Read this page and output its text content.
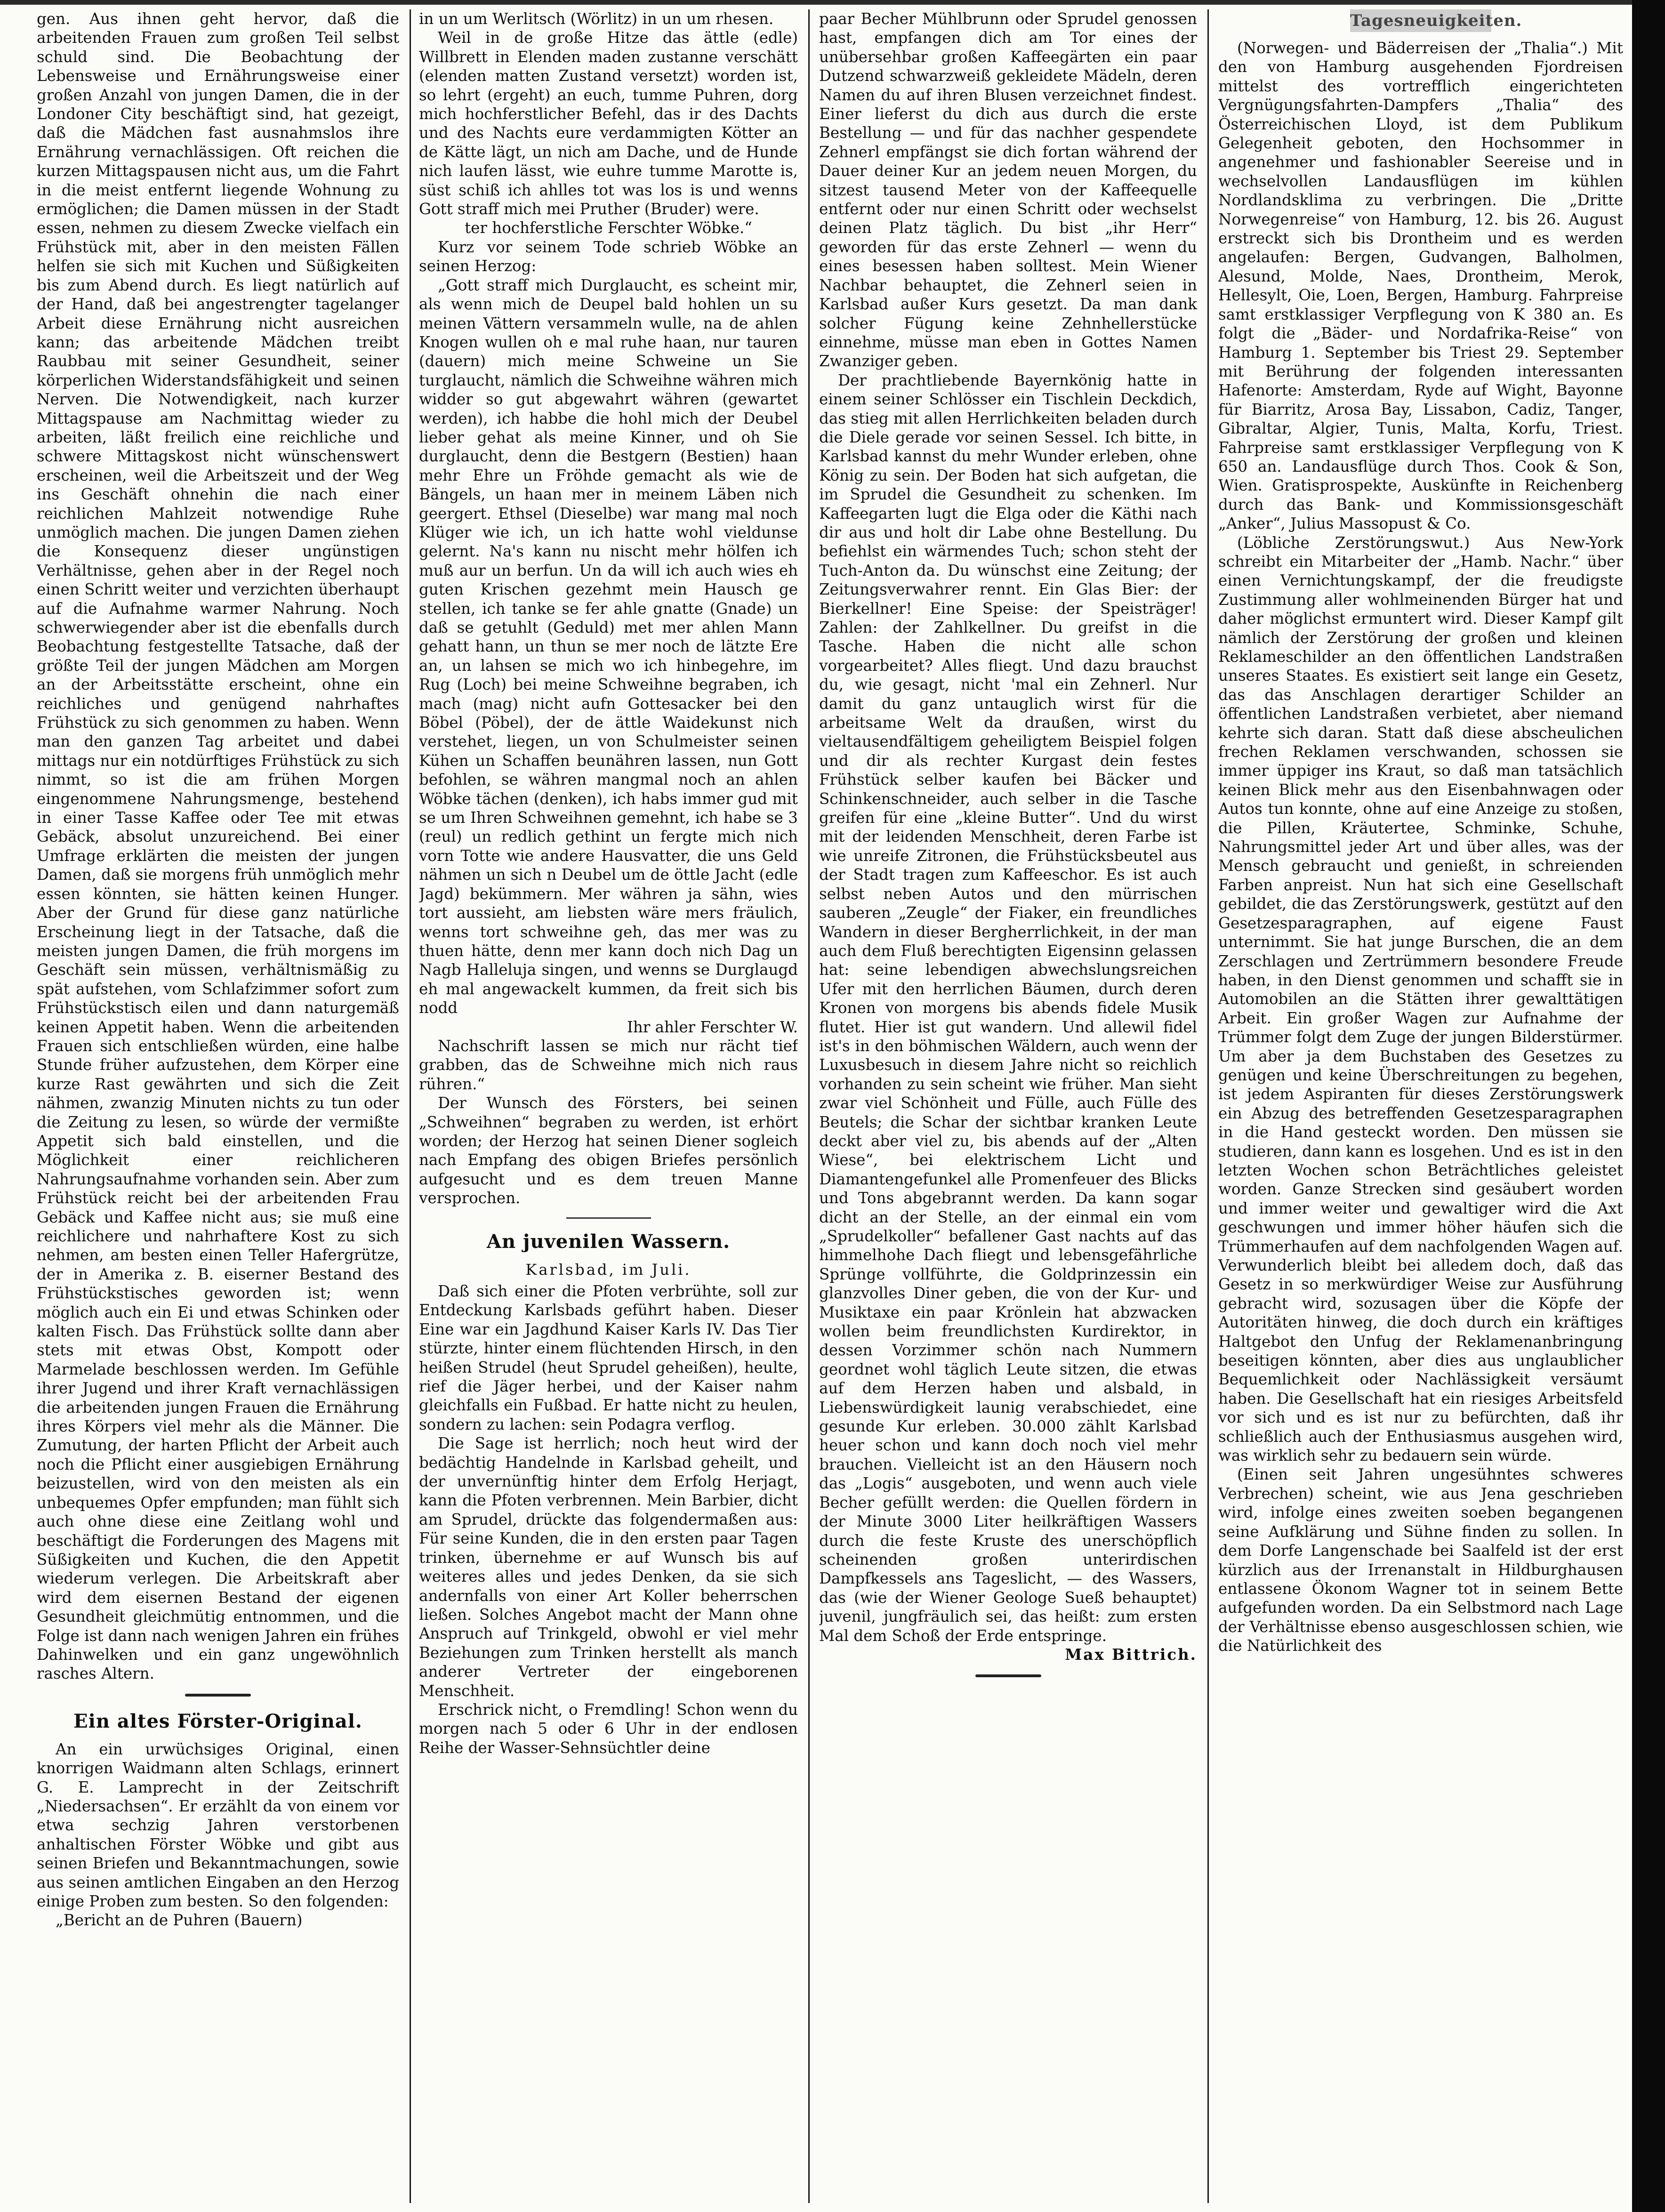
gen. Aus ihnen geht hervor, daß die arbeitenden Frauen zum großen Teil selbst schuld sind. Die Beobachtung der Lebensweise und Ernährungsweise einer großen Anzahl von jungen Damen, die in der Londoner City beschäftigt sind, hat gezeigt, daß die Mädchen fast ausnahmslos ihre Ernährung vernachlässigen. Oft reichen die kurzen Mittagspausen nicht aus, um die Fahrt in die meist entfernt liegende Wohnung zu ermöglichen; die Damen müssen in der Stadt essen, nehmen zu diesem Zwecke vielfach ein Frühstück mit, aber in den meisten Fällen helfen sie sich mit Kuchen und Süßigkeiten bis zum Abend durch. Es liegt natürlich auf der Hand, daß bei angestrengter tagelanger Arbeit diese Ernährung nicht ausreichen kann; das arbeitende Mädchen treibt Raubbau mit seiner Gesundheit, seiner körperlichen Widerstandsfähigkeit und seinen Nerven. Die Notwendigkeit, nach kurzer Mittagspause am Nachmittag wieder zu arbeiten, läßt freilich eine reichliche und schwere Mittagskost nicht wünschenswert erscheinen, weil die Arbeitszeit und der Weg ins Geschäft ohnehin die nach einer reichlichen Mahlzeit notwendige Ruhe unmöglich machen. Die jungen Damen ziehen die Konsequenz dieser ungünstigen Verhältnisse, gehen aber in der Regel noch einen Schritt weiter und verzichten überhaupt auf die Aufnahme warmer Nahrung. Noch schwerwiegender aber ist die ebenfalls durch Beobachtung festgestellte Tatsache, daß der größte Teil der jungen Mädchen am Morgen an der Arbeitsstätte erscheint, ohne ein reichliches und genügend nahrhaftes Frühstück zu sich genommen zu haben. Wenn man den ganzen Tag arbeitet und dabei mittags nur ein notdürftiges Frühstück zu sich nimmt, so ist die am frühen Morgen eingenommene Nahrungsmenge, bestehend in einer Tasse Kaffee oder Tee mit etwas Gebäck, absolut unzureichend. Bei einer Umfrage erklärten die meisten der jungen Damen, daß sie morgens früh unmöglich mehr essen könnten, sie hätten keinen Hunger. Aber der Grund für diese ganz natürliche Erscheinung liegt in der Tatsache, daß die meisten jungen Damen, die früh morgens im Geschäft sein müssen, verhältnismäßig zu spät aufstehen, vom Schlafzimmer sofort zum Frühstückstisch eilen und dann naturgemäß keinen Appetit haben. Wenn die arbeitenden Frauen sich entschließen würden, eine halbe Stunde früher aufzustehen, dem Körper eine kurze Rast gewährten und sich die Zeit nähmen, zwanzig Minuten nichts zu tun oder die Zeitung zu lesen, so würde der vermißte Appetit sich bald einstellen, und die Möglichkeit einer reichlicheren Nahrungsaufnahme vorhanden sein. Aber zum Frühstück reicht bei der arbeitenden Frau Gebäck und Kaffee nicht aus; sie muß eine reichlichere und nahrhaftere Kost zu sich nehmen, am besten einen Teller Hafergrütze, der in Amerika z. B. eiserner Bestand des Frühstückstisches geworden ist; wenn möglich auch ein Ei und etwas Schinken oder kalten Fisch. Das Frühstück sollte dann aber stets mit etwas Obst, Kompott oder Marmelade beschlossen werden. Im Gefühle ihrer Jugend und ihrer Kraft vernachlässigen die arbeitenden jungen Frauen die Ernährung ihres Körpers viel mehr als die Männer. Die Zumutung, der harten Pflicht der Arbeit auch noch die Pflicht einer ausgiebigen Ernährung beizustellen, wird von den meisten als ein unbequemes Opfer empfunden; man fühlt sich auch ohne diese eine Zeitlang wohl und beschäftigt die Forderungen des Magens mit Süßigkeiten und Kuchen, die den Appetit wiederum verlegen. Die Arbeitskraft aber wird dem eisernen Bestand der eigenen Gesundheit gleichmütig entnommen, und die Folge ist dann nach wenigen Jahren ein frühes Dahinwelken und ein ganz ungewöhnlich rasches Altern.

Ein altes Förster-Original.

An ein urwüchsiges Original, einen knorrigen Waidmann alten Schlags, erinnert G. E. Lamprecht in der Zeitschrift „Niedersachsen“. Er erzählt da von einem vor etwa sechzig Jahren verstorbenen anhaltischen Förster Wöbke und gibt aus seinen Briefen und Bekanntmachungen, sowie aus seinen amtlichen Eingaben an den Herzog einige Proben zum besten. So den folgenden:

„Bericht an de Puhren (Bauern)

in un um Werlitsch (Wörlitz) in un um rhesen.

Weil in de große Hitze das ättle (edle) Willbrett in Elenden maden zustanne verschätt (elenden matten Zustand versetzt) worden ist, so lehrt (ergeht) an euch, tumme Puhren, dorg mich hochferstlicher Befehl, das ir des Dachts und des Nachts eure verdammigten Kötter an de Kätte lägt, un nich am Dache, und de Hunde nich laufen lässt, wie euhre tumme Marotte is, süst schiß ich ahlles tot was los is und wenns Gott straff mich mei Pruther (Bruder) were.

ter hochferstliche Ferschter Wöbke.“

Kurz vor seinem Tode schrieb Wöbke an seinen Herzog:

„Gott straff mich Durglaucht, es scheint mir, als wenn mich de Deupel bald hohlen un su meinen Vättern versammeln wulle, na de ahlen Knogen wullen oh e mal ruhe haan, nur tauren (dauern) mich meine Schweine un Sie turglaucht, nämlich die Schweihne währen mich widder so gut abgewahrt währen (gewartet werden), ich habbe die hohl mich der Deubel lieber gehat als meine Kinner, und oh Sie durglaucht, denn die Bestgern (Bestien) haan mehr Ehre un Fröhde gemacht als wie de Bängels, un haan mer in meinem Läben nich geergert. Ethsel (Dieselbe) war mang mal noch Klüger wie ich, un ich hatte wohl vieldunse gelernt. Na's kann nu nischt mehr hölfen ich muß aur un berfun. Un da will ich auch wies eh guten Krischen gezehmt mein Hausch ge stellen, ich tanke se fer ahle gnatte (Gnade) un daß se getuhlt (Geduld) met mer ahlen Mann gehatt hann, un thun se mer noch de lätzte Ere an, un lahsen se mich wo ich hinbegehre, im Rug (Loch) bei meine Schweihne begraben, ich mach (mag) nicht aufn Gottesacker bei den Böbel (Pöbel), der de ättle Waidekunst nich verstehet, liegen, un von Schulmeister seinen Kühen un Schaffen beunähren lassen, nun Gott befohlen, se währen mangmal noch an ahlen Wöbke tächen (denken), ich habs immer gud mit se um Ihren Schweihnen gemehnt, ich habe se 3 (reul) un redlich gethint un fergte mich nich vorn Totte wie andere Hausvatter, die uns Geld nähmen un sich n Deubel um de öttle Jacht (edle Jagd) bekümmern. Mer währen ja sähn, wies tort aussieht, am liebsten wäre mers fräulich, wenns tort schweihne geh, das mer was zu thuen hätte, denn mer kann doch nich Dag un Nagb Halleluja singen, und wenns se Durglaugd eh mal angewackelt kummen, da freit sich bis nodd

Ihr ahler Ferschter W.

Nachschrift lassen se mich nur rächt tief grabben, das de Schweihne mich nich raus rühren.“

Der Wunsch des Försters, bei seinen „Schweihnen“ begraben zu werden, ist erhört worden; der Herzog hat seinen Diener sogleich nach Empfang des obigen Briefes persönlich aufgesucht und es dem treuen Manne versprochen.

An juvenilen Wassern.
Karlsbad, im Juli.

Daß sich einer die Pfoten verbrühte, soll zur Entdeckung Karlsbads geführt haben. Dieser Eine war ein Jagdhund Kaiser Karls IV. Das Tier stürzte, hinter einem flüchtenden Hirsch, in den heißen Strudel (heut Sprudel geheißen), heulte, rief die Jäger herbei, und der Kaiser nahm gleichfalls ein Fußbad. Er hatte nicht zu heulen, sondern zu lachen: sein Podagra verflog.

Die Sage ist herrlich; noch heut wird der bedächtig Handelnde in Karlsbad geheilt, und der unvernünftig hinter dem Erfolg Herjagt, kann die Pfoten verbrennen. Mein Barbier, dicht am Sprudel, drückte das folgendermaßen aus: Für seine Kunden, die in den ersten paar Tagen trinken, übernehme er auf Wunsch bis auf weiteres alles und jedes Denken, da sie sich andernfalls von einer Art Koller beherrschen ließen. Solches Angebot macht der Mann ohne Anspruch auf Trinkgeld, obwohl er viel mehr Beziehungen zum Trinken herstellt als manch anderer Vertreter der eingeborenen Menschheit.

Erschrick nicht, o Fremdling! Schon wenn du morgen nach 5 oder 6 Uhr in der endlosen Reihe der Wasser-Sehnsüchtler deine

paar Becher Mühlbrunn oder Sprudel genossen hast, empfangen dich am Tor eines der unübersehbar großen Kaffeegärten ein paar Dutzend schwarzweiß gekleidete Mädeln, deren Namen du auf ihren Blusen verzeichnet findest. Einer lieferst du dich aus durch die erste Bestellung — und für das nachher gespendete Zehnerl empfängst sie dich fortan während der Dauer deiner Kur an jedem neuen Morgen, du sitzest tausend Meter von der Kaffeequelle entfernt oder nur einen Schritt oder wechselst deinen Platz täglich. Du bist „ihr Herr“ geworden für das erste Zehnerl — wenn du eines besessen haben solltest. Mein Wiener Nachbar behauptet, die Zehnerl seien in Karlsbad außer Kurs gesetzt. Da man dank solcher Fügung keine Zehnhellerstücke einnehme, müsse man eben in Gottes Namen Zwanziger geben.

Der prachtliebende Bayernkönig hatte in einem seiner Schlösser ein Tischlein Deckdich, das stieg mit allen Herrlichkeiten beladen durch die Diele gerade vor seinen Sessel. Ich bitte, in Karlsbad kannst du mehr Wunder erleben, ohne König zu sein. Der Boden hat sich aufgetan, die im Sprudel die Gesundheit zu schenken. Im Kaffeegarten lugt die Elga oder die Käthi nach dir aus und holt dir Labe ohne Bestellung. Du befiehlst ein wärmendes Tuch; schon steht der Tuch-Anton da. Du wünschst eine Zeitung; der Zeitungsverwahrer rennt. Ein Glas Bier: der Bierkellner! Eine Speise: der Speisträger! Zahlen: der Zahlkellner. Du greifst in die Tasche. Haben die nicht alle schon vorgearbeitet? Alles fliegt. Und dazu brauchst du, wie gesagt, nicht 'mal ein Zehnerl. Nur damit du ganz untauglich wirst für die arbeitsame Welt da draußen, wirst du vieltausendfältigem geheiligtem Beispiel folgen und dir als rechter Kurgast dein festes Frühstück selber kaufen bei Bäcker und Schinkenschneider, auch selber in die Tasche greifen für eine „kleine Butter“. Und du wirst mit der leidenden Menschheit, deren Farbe ist wie unreife Zitronen, die Frühstücksbeutel aus der Stadt tragen zum Kaffeeschor. Es ist auch selbst neben Autos und den mürrischen sauberen „Zeugle“ der Fiaker, ein freundliches Wandern in dieser Bergherrlichkeit, in der man auch dem Fluß berechtigten Eigensinn gelassen hat: seine lebendigen abwechslungsreichen Ufer mit den herrlichen Bäumen, durch deren Kronen von morgens bis abends fidele Musik flutet. Hier ist gut wandern. Und allewil fidel ist's in den böhmischen Wäldern, auch wenn der Luxusbesuch in diesem Jahre nicht so reichlich vorhanden zu sein scheint wie früher. Man sieht zwar viel Schönheit und Fülle, auch Fülle des Beutels; die Schar der sichtbar kranken Leute deckt aber viel zu, bis abends auf der „Alten Wiese“, bei elektrischem Licht und Diamantengefunkel alle Promenfeuer des Blicks und Tons abgebrannt werden. Da kann sogar dicht an der Stelle, an der einmal ein vom „Sprudelkoller“ befallener Gast nachts auf das himmelhohe Dach fliegt und lebensgefährliche Sprünge vollführte, die Goldprinzessin ein glanzvolles Diner geben, die von der Kur- und Musiktaxe ein paar Krönlein hat abzwacken wollen beim freundlichsten Kurdirektor, in dessen Vorzimmer schön nach Nummern geordnet wohl täglich Leute sitzen, die etwas auf dem Herzen haben und alsbald, in Liebenswürdigkeit launig verabschiedet, eine gesunde Kur erleben. 30.000 zählt Karlsbad heuer schon und kann doch noch viel mehr brauchen. Vielleicht ist an den Häusern noch das „Logis“ ausgeboten, und wenn auch viele Becher gefüllt werden: die Quellen fördern in der Minute 3000 Liter heilkräftigen Wassers durch die feste Kruste des unerschöpflich scheinenden großen unterirdischen Dampfkessels ans Tageslicht, — des Wassers, das (wie der Wiener Geologe Sueß behauptet) juvenil, jungfräulich sei, das heißt: zum ersten Mal dem Schoß der Erde entspringe.

Max Bittrich.

Tagesneuigkeiten.

(Norwegen- und Bäderreisen der „Thalia“.) Mit den von Hamburg ausgehenden Fjordreisen mittelst des vortrefflich eingerichteten Vergnügungsfahrten-Dampfers „Thalia“ des Österreichischen Lloyd, ist dem Publikum Gelegenheit geboten, den Hochsommer in angenehmer und fashionabler Seereise und in wechselvollen Landausflügen im kühlen Nordlandsklima zu verbringen. Die „Dritte Norwegenreise“ von Hamburg, 12. bis 26. August erstreckt sich bis Drontheim und es werden angelaufen: Bergen, Gudvangen, Balholmen, Alesund, Molde, Naes, Drontheim, Merok, Hellesylt, Oie, Loen, Bergen, Hamburg. Fahrpreise samt erstklassiger Verpflegung von K 380 an. Es folgt die „Bäder- und Nordafrika-Reise“ von Hamburg 1. September bis Triest 29. September mit Berührung der folgenden interessanten Hafenorte: Amsterdam, Ryde auf Wight, Bayonne für Biarritz, Arosa Bay, Lissabon, Cadiz, Tanger, Gibraltar, Algier, Tunis, Malta, Korfu, Triest. Fahrpreise samt erstklassiger Verpflegung von K 650 an. Landausflüge durch Thos. Cook & Son, Wien. Gratisprospekte, Auskünfte in Reichenberg durch das Bank- und Kommissionsgeschäft „Anker“, Julius Massopust & Co.

(Löbliche Zerstörungswut.) Aus New-York schreibt ein Mitarbeiter der „Hamb. Nachr.“ über einen Vernichtungskampf, der die freudigste Zustimmung aller wohlmeinenden Bürger hat und daher möglichst ermuntert wird. Dieser Kampf gilt nämlich der Zerstörung der großen und kleinen Reklameschilder an den öffentlichen Landstraßen unseres Staates. Es existiert seit lange ein Gesetz, das das Anschlagen derartiger Schilder an öffentlichen Landstraßen verbietet, aber niemand kehrte sich daran. Statt daß diese abscheulichen frechen Reklamen verschwanden, schossen sie immer üppiger ins Kraut, so daß man tatsächlich keinen Blick mehr aus den Eisenbahnwagen oder Autos tun konnte, ohne auf eine Anzeige zu stoßen, die Pillen, Kräutertee, Schminke, Schuhe, Nahrungsmittel jeder Art und über alles, was der Mensch gebraucht und genießt, in schreienden Farben anpreist. Nun hat sich eine Gesellschaft gebildet, die das Zerstörungswerk, gestützt auf den Gesetzesparagraphen, auf eigene Faust unternimmt. Sie hat junge Burschen, die an dem Zerschlagen und Zertrümmern besondere Freude haben, in den Dienst genommen und schafft sie in Automobilen an die Stätten ihrer gewalttätigen Arbeit. Ein großer Wagen zur Aufnahme der Trümmer folgt dem Zuge der jungen Bilderstürmer. Um aber ja dem Buchstaben des Gesetzes zu genügen und keine Überschreitungen zu begehen, ist jedem Aspiranten für dieses Zerstörungswerk ein Abzug des betreffenden Gesetzesparagraphen in die Hand gesteckt worden. Den müssen sie studieren, dann kann es losgehen. Und es ist in den letzten Wochen schon Beträchtliches geleistet worden. Ganze Strecken sind gesäubert worden und immer weiter und gewaltiger wird die Axt geschwungen und immer höher häufen sich die Trümmerhaufen auf dem nachfolgenden Wagen auf. Verwunderlich bleibt bei alledem doch, daß das Gesetz in so merkwürdiger Weise zur Ausführung gebracht wird, sozusagen über die Köpfe der Autoritäten hinweg, die doch durch ein kräftiges Haltgebot den Unfug der Reklamenanbringung beseitigen könnten, aber dies aus unglaublicher Bequemlichkeit oder Nachlässigkeit versäumt haben. Die Gesellschaft hat ein riesiges Arbeitsfeld vor sich und es ist nur zu befürchten, daß ihr schließlich auch der Enthusiasmus ausgehen wird, was wirklich sehr zu bedauern sein würde.

(Einen seit Jahren ungesühntes schweres Verbrechen) scheint, wie aus Jena geschrieben wird, infolge eines zweiten soeben begangenen seine Aufklärung und Sühne finden zu sollen. In dem Dorfe Langenschade bei Saalfeld ist der erst kürzlich aus der Irrenanstalt in Hildburghausen entlassene Ökonom Wagner tot in seinem Bette aufgefunden worden. Da ein Selbstmord nach Lage der Verhältnisse ebenso ausgeschlossen schien, wie die Natürlichkeit des
